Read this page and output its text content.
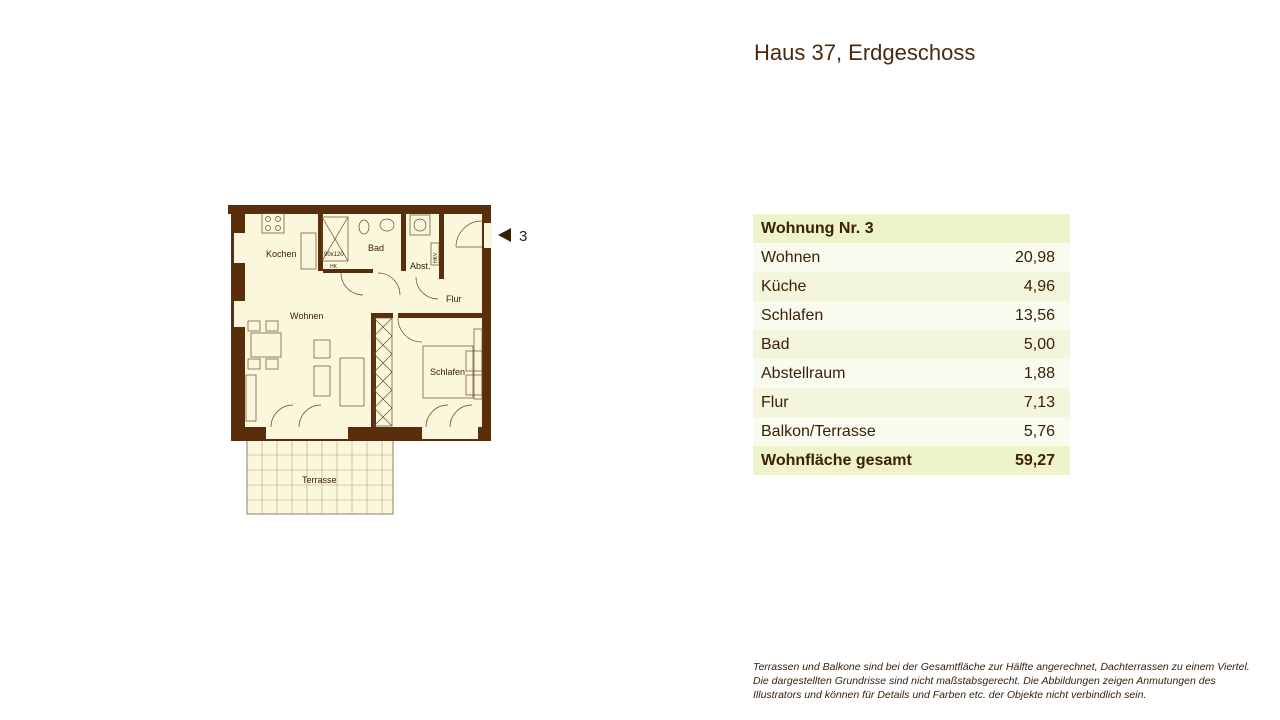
Haus 37, Erdgeschoss
Kochen
Bad
Abst.
Flur
Wohnen
Schlafen
Terrasse
90x120
HK
HKV
3	Wohnung Nr. 3
Wohnen	20,98
Küche	4,96
Schlafen	13,56
Bad	5,00
Abstellraum	1,88
Flur	7,13
Balkon/Terrasse	5,76
Wohnfläche gesamt	59,27
Terrassen und Balkone sind bei der Gesamtfläche zur Hälfte angerechnet, Dachterrassen zu einem Viertel.
Die dargestellten Grundrisse sind nicht maßstabsgerecht. Die Abbildungen zeigen Anmutungen des
Illustrators und können für Details und Farben etc. der Objekte nicht verbindlich sein.
